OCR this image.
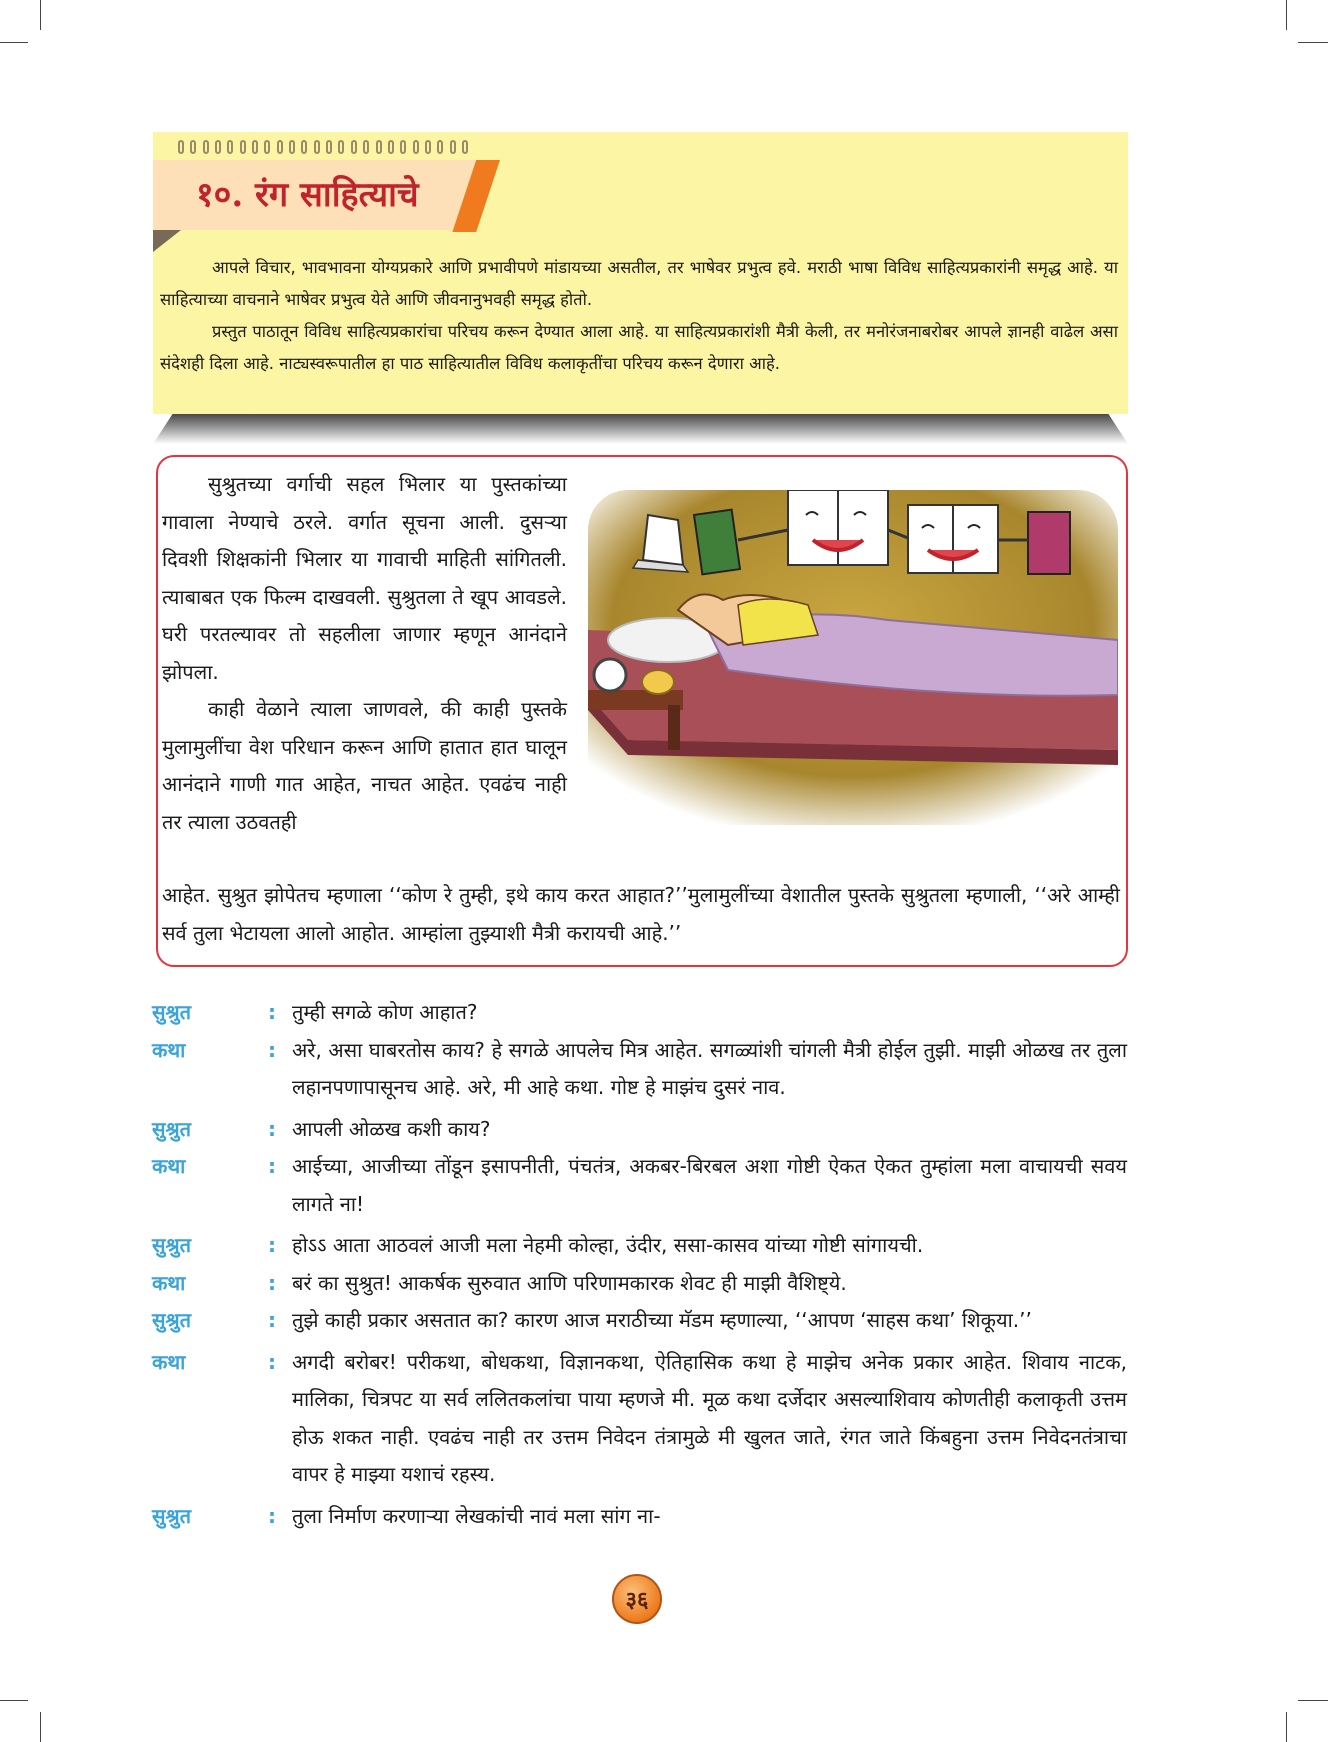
१०. रंग साहित्याचे

आपले विचार, भावभावना योग्यप्रकारे आणि प्रभावीपणे मांडायच्या असतील, तर भाषेवर प्रभुत्व हवे. मराठी भाषा विविध साहित्यप्रकारांनी समृद्ध आहे. या साहित्याच्या वाचनाने भाषेवर प्रभुत्व येते आणि जीवनानुभवही समृद्ध होतो.

प्रस्तुत पाठातून विविध साहित्यप्रकारांचा परिचय करून देण्यात आला आहे. या साहित्यप्रकारांशी मैत्री केली, तर मनोरंजनाबरोबर आपले ज्ञानही वाढेल असा संदेशही दिला आहे. नाट्यस्वरूपातील हा पाठ साहित्यातील विविध कलाकृतींचा परिचय करून देणारा आहे.

सुश्रुतच्या वर्गाची सहल भिलार या पुस्तकांच्या गावाला नेण्याचे ठरले. वर्गात सूचना आली. दुसऱ्या दिवशी शिक्षकांनी भिलार या गावाची माहिती सांगितली. त्याबाबत एक फिल्म दाखवली. सुश्रुतला ते खूप आवडले. घरी परतल्यावर तो सहलीला जाणार म्हणून आनंदाने झोपला.

काही वेळाने त्याला जाणवले, की काही पुस्तके मुलामुलींचा वेश परिधान करून आणि हातात हात घालून आनंदाने गाणी गात आहेत, नाचत आहेत. एवढंच नाही तर त्याला उठवतही

आहेत. सुश्रुत झोपेतच म्हणाला ‘‘कोण रे तुम्ही, इथे काय करत आहात?’’मुलामुलींच्या वेशातील पुस्तके सुश्रुतला म्हणाली, ‘‘अरे आम्ही सर्व तुला भेटायला आलो आहोत. आम्हांला तुझ्याशी मैत्री करायची आहे.’’
सुश्रुत	: तुम्ही सगळे कोण आहात?
कथा	: अरे, असा घाबरतोस काय? हे सगळे आपलेच मित्र आहेत. सगळ्यांशी चांगली मैत्री होईल तुझी. माझी ओळख तर तुला लहानपणापासूनच आहे. अरे, मी आहे कथा. गोष्ट हे माझंच दुसरं नाव.
सुश्रुत	: आपली ओळख कशी काय?
कथा	: आईच्या, आजीच्या तोंडून इसापनीती, पंचतंत्र, अकबर-बिरबल अशा गोष्टी ऐकत ऐकत तुम्हांला मला वाचायची सवय लागते ना!
सुश्रुत	: होऽऽ आता आठवलं आजी मला नेहमी कोल्हा, उंदीर, ससा-कासव यांच्या गोष्टी सांगायची.
कथा	: बरं का सुश्रुत! आकर्षक सुरुवात आणि परिणामकारक शेवट ही माझी वैशिष्ट्ये.
सुश्रुत	: तुझे काही प्रकार असतात का? कारण आज मराठीच्या मॅडम म्हणाल्या, ‘‘आपण ‘साहस कथा’ शिकूया.’’
कथा	: अगदी बरोबर! परीकथा, बोधकथा, विज्ञानकथा, ऐतिहासिक कथा हे माझेच अनेक प्रकार आहेत. शिवाय नाटक, मालिका, चित्रपट या सर्व ललितकलांचा पाया म्हणजे मी. मूळ कथा दर्जेदार असल्याशिवाय कोणतीही कलाकृती उत्तम होऊ शकत नाही. एवढंच नाही तर उत्तम निवेदन तंत्रामुळे मी खुलत जाते, रंगत जाते किंबहुना उत्तम निवेदनतंत्राचा वापर हे माझ्या यशाचं रहस्य.
सुश्रुत	: तुला निर्माण करणाऱ्या लेखकांची नावं मला सांग ना-
३६
